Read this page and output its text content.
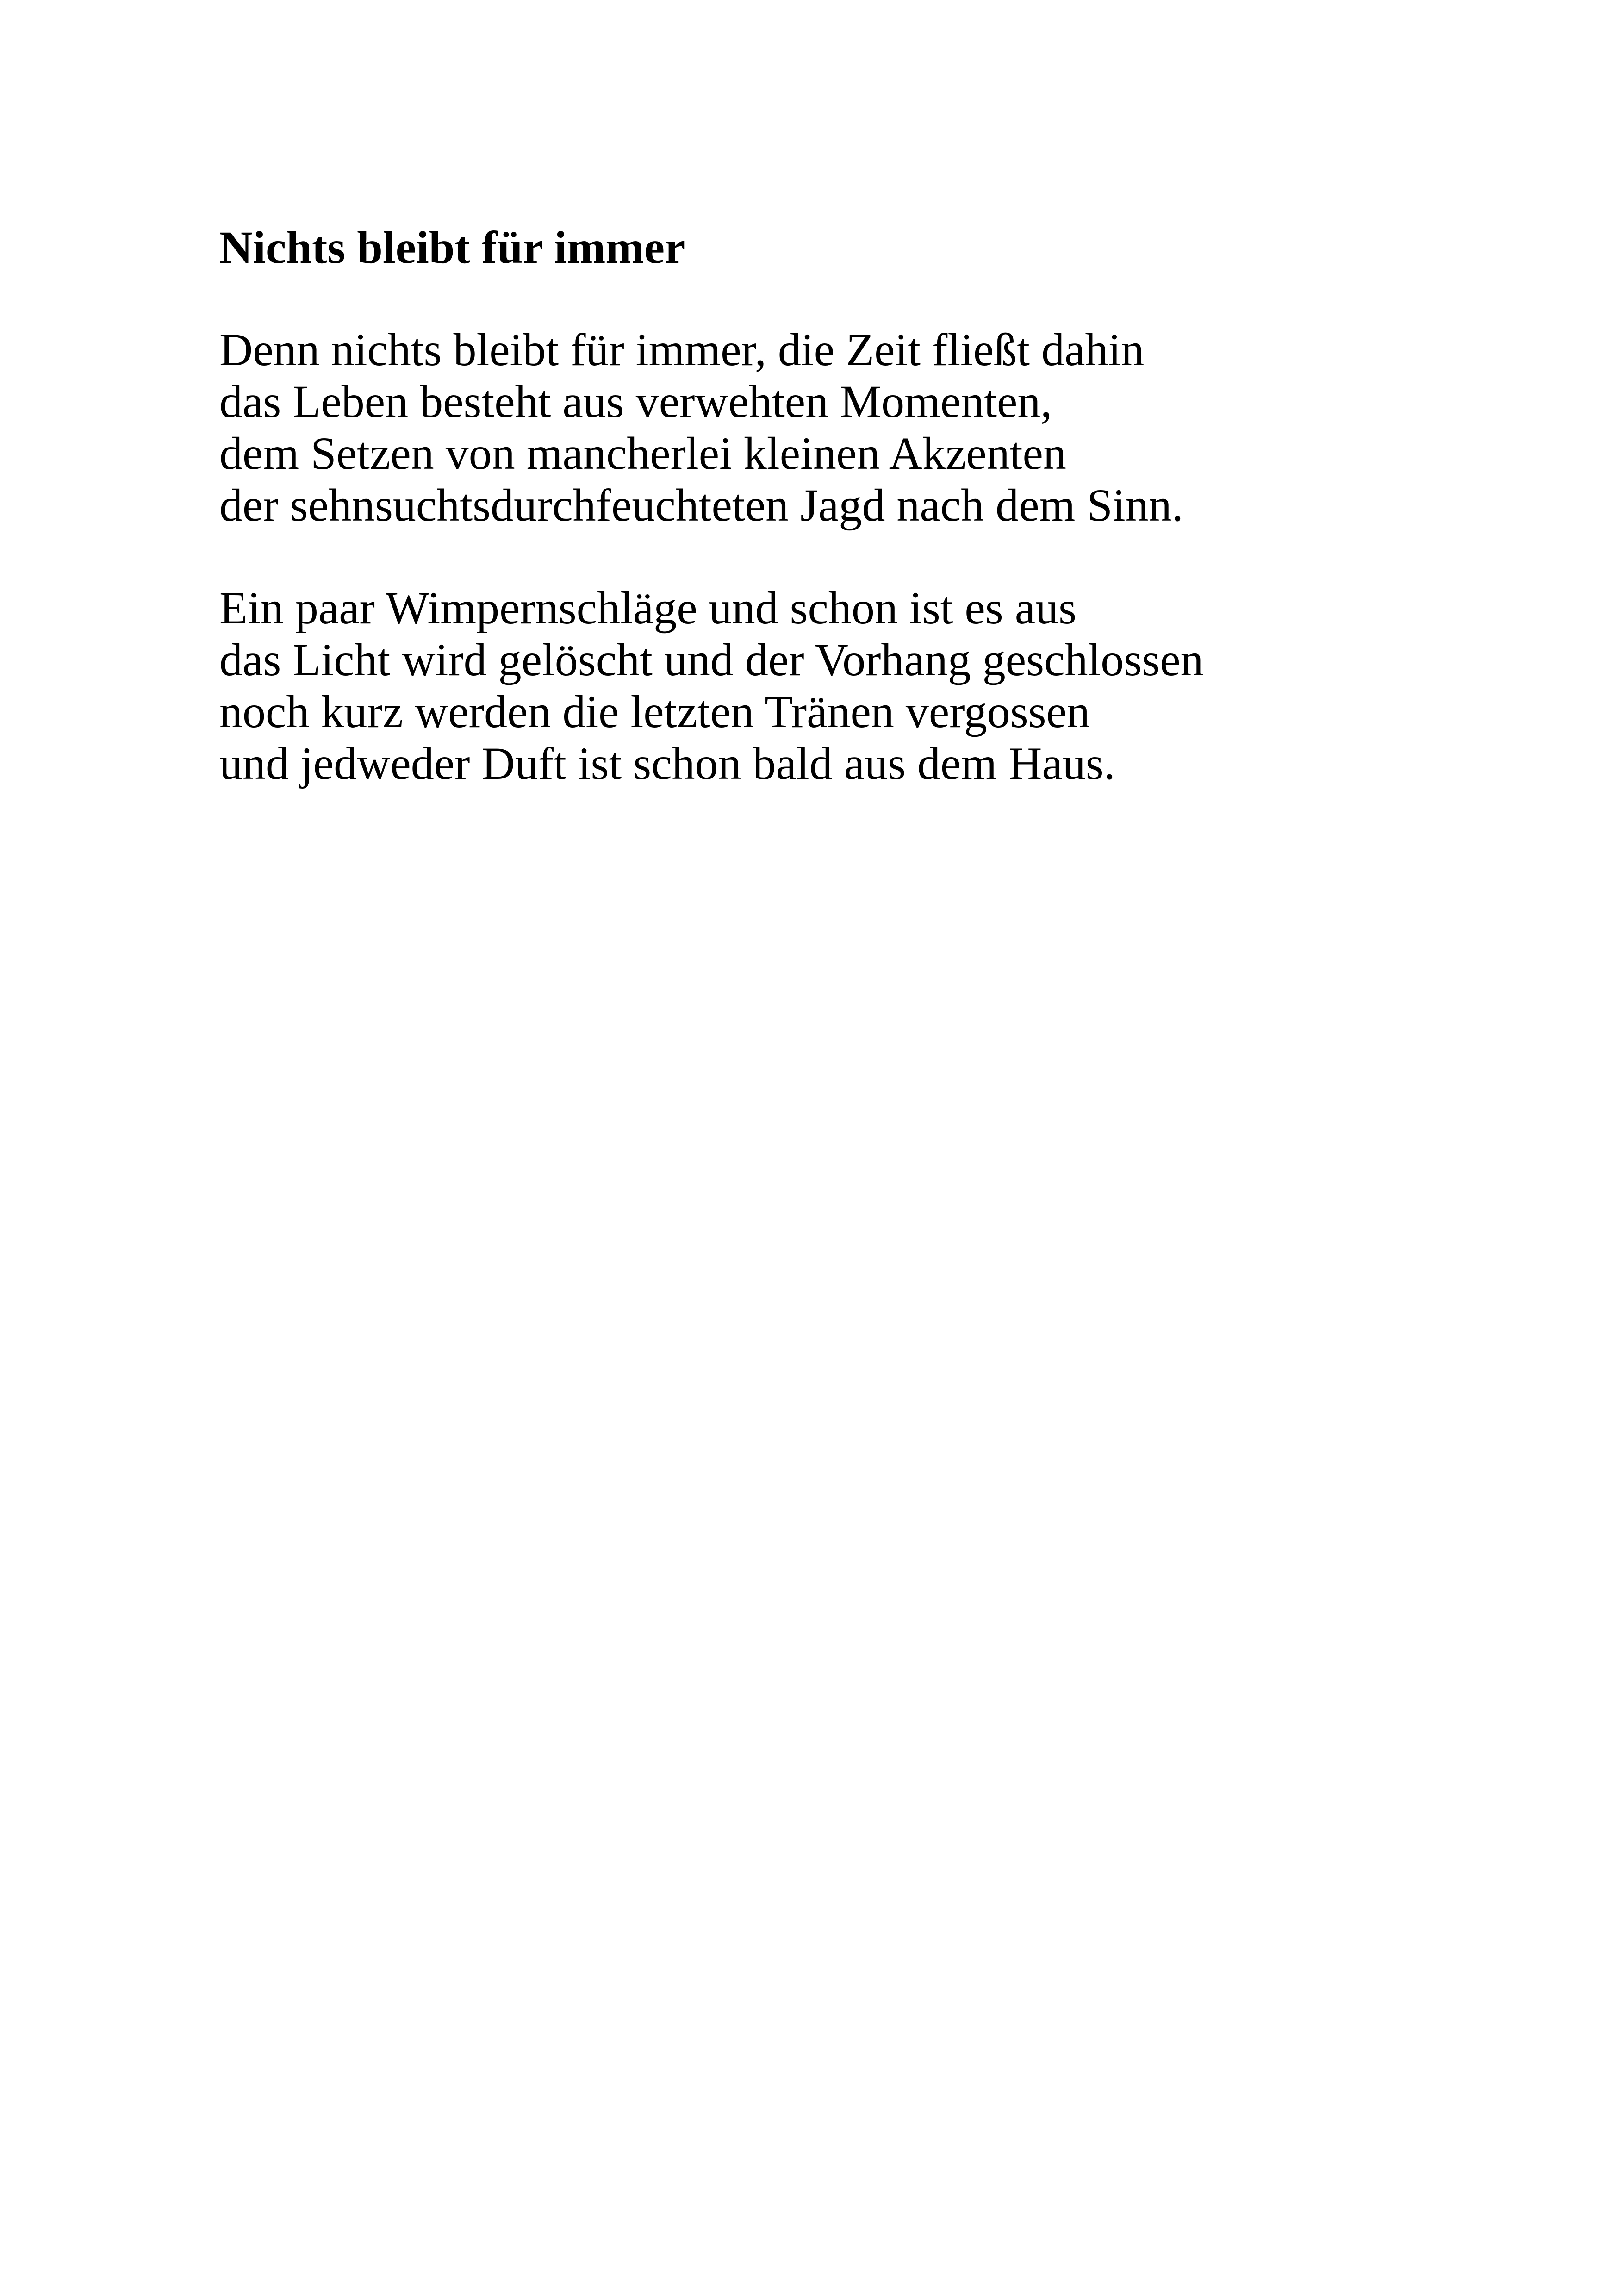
Nichts bleibt für immer

Denn nichts bleibt für immer, die Zeit fließt dahin
das Leben besteht aus verwehten Momenten,
dem Setzen von mancherlei kleinen Akzenten
der sehnsuchtsdurchfeuchteten Jagd nach dem Sinn.

Ein paar Wimpernschläge und schon ist es aus
das Licht wird gelöscht und der Vorhang geschlossen
noch kurz werden die letzten Tränen vergossen
und jedweder Duft ist schon bald aus dem Haus.
